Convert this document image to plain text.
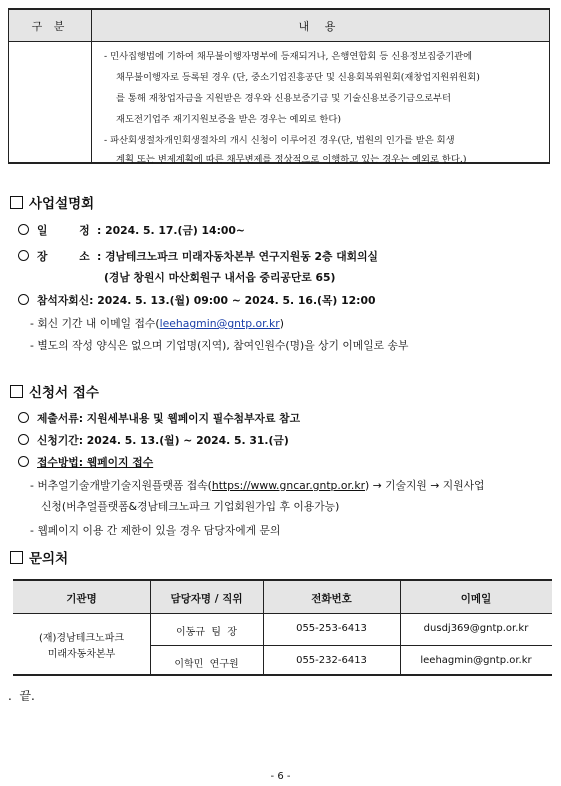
구 분	내 용
- 민사집행법에 기하여 채무불이행자명부에 등재되거나, 은행연합회 등 신용정보집중기관에
채무불이행자로 등록된 경우 (단, 중소기업진흥공단 및 신용회복위원회(재창업지원위원회)
를 통해 재창업자금을 지원받은 경우와 신용보증기금 및 기술신용보증기금으로부터
재도전기업주 재기지원보증을 받은 경우는 예외로 한다)
- 파산회생절차개인회생절차의 개시 신청이 이루어진 경우(단, 법원의 인가를 받은 회생
계획 또는 변제계획에 따른 채무변제를 정상적으로 이행하고 있는 경우는 예외로 한다.)
사업설명회
일 정: 2024. 5. 17.(금) 14:00~
장 소: 경남테크노파크 미래자동차본부 연구지원동 2층 대회의실
(경남 창원시 마산회원구 내서읍 중리공단로 65)
참석자회신: 2024. 5. 13.(월) 09:00 ~ 2024. 5. 16.(목) 12:00
- 회신 기간 내 이메일 접수(leehagmin@gntp.or.kr)
- 별도의 작성 양식은 없으며 기업명(지역), 참여인원수(명)을 상기 이메일로 송부
신청서 접수
제출서류: 지원세부내용 및 웹페이지 필수첨부자료 참고
신청기간: 2024. 5. 13.(월) ~ 2024. 5. 31.(금)
접수방법: 웹페이지 접수
- 버추얼기술개발기술지원플랫폼 접속(https://www.gncar.gntp.or.kr) → 기술지원 → 지원사업
신청(버추얼플랫폼&경남테크노파크 기업회원가입 후 이용가능)
- 웹페이지 이용 간 제한이 있을 경우 담당자에게 문의
문의처
기관명	담당자명 / 직위	전화번호	이메일
(재)경남테크노파크
미래자동차본부
이동규  팀  장	055-253-6413	dusdj369@gntp.or.kr
이학민  연구원	055-232-6413	leehagmin@gntp.or.kr
.  끝.
- 6 -
